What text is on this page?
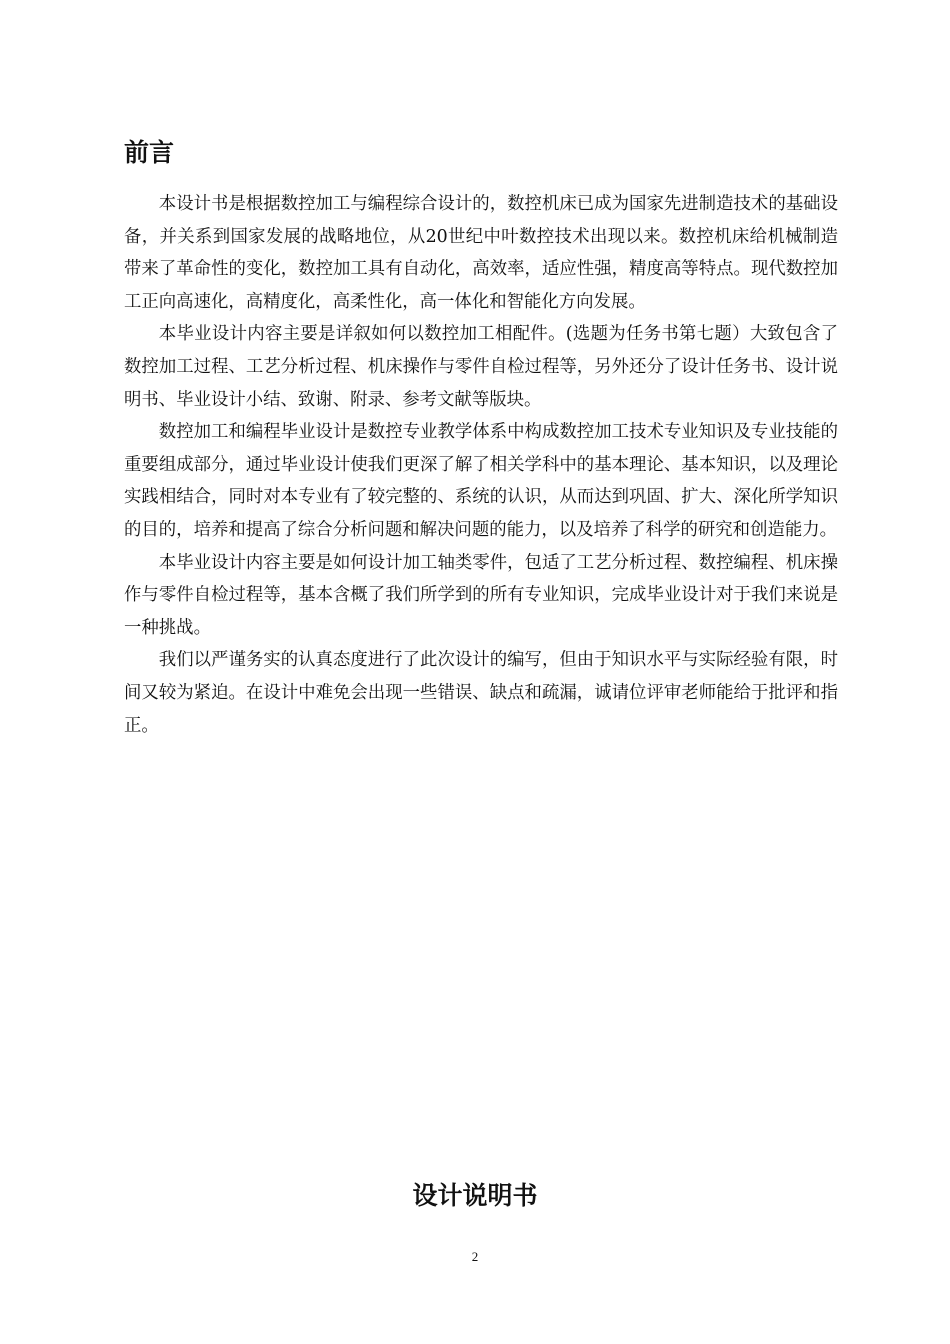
前言

本设计书是根据数控加工与编程综合设计的，数控机床已成为国家先进制造技术的基础设备，并关系到国家发展的战略地位，从20世纪中叶数控技术出现以来。数控机床给机械制造带来了革命性的变化，数控加工具有自动化，高效率，适应性强，精度高等特点。现代数控加工正向高速化，高精度化，高柔性化，高一体化和智能化方向发展。

本毕业设计内容主要是详叙如何以数控加工相配件。(选题为任务书第七题）大致包含了数控加工过程、工艺分析过程、机床操作与零件自检过程等，另外还分了设计任务书、设计说明书、毕业设计小结、致谢、附录、参考文献等版块。

数控加工和编程毕业设计是数控专业教学体系中构成数控加工技术专业知识及专业技能的重要组成部分，通过毕业设计使我们更深了解了相关学科中的基本理论、基本知识，以及理论实践相结合，同时对本专业有了较完整的、系统的认识，从而达到巩固、扩大、深化所学知识的目的，培养和提高了综合分析问题和解决问题的能力，以及培养了科学的研究和创造能力。

本毕业设计内容主要是如何设计加工轴类零件，包适了工艺分析过程、数控编程、机床操作与零件自检过程等，基本含概了我们所学到的所有专业知识，完成毕业设计对于我们来说是一种挑战。

我们以严谨务实的认真态度进行了此次设计的编写，但由于知识水平与实际经验有限，时间又较为紧迫。在设计中难免会出现一些错误、缺点和疏漏，诚请位评审老师能给于批评和指正。

设计说明书
2
